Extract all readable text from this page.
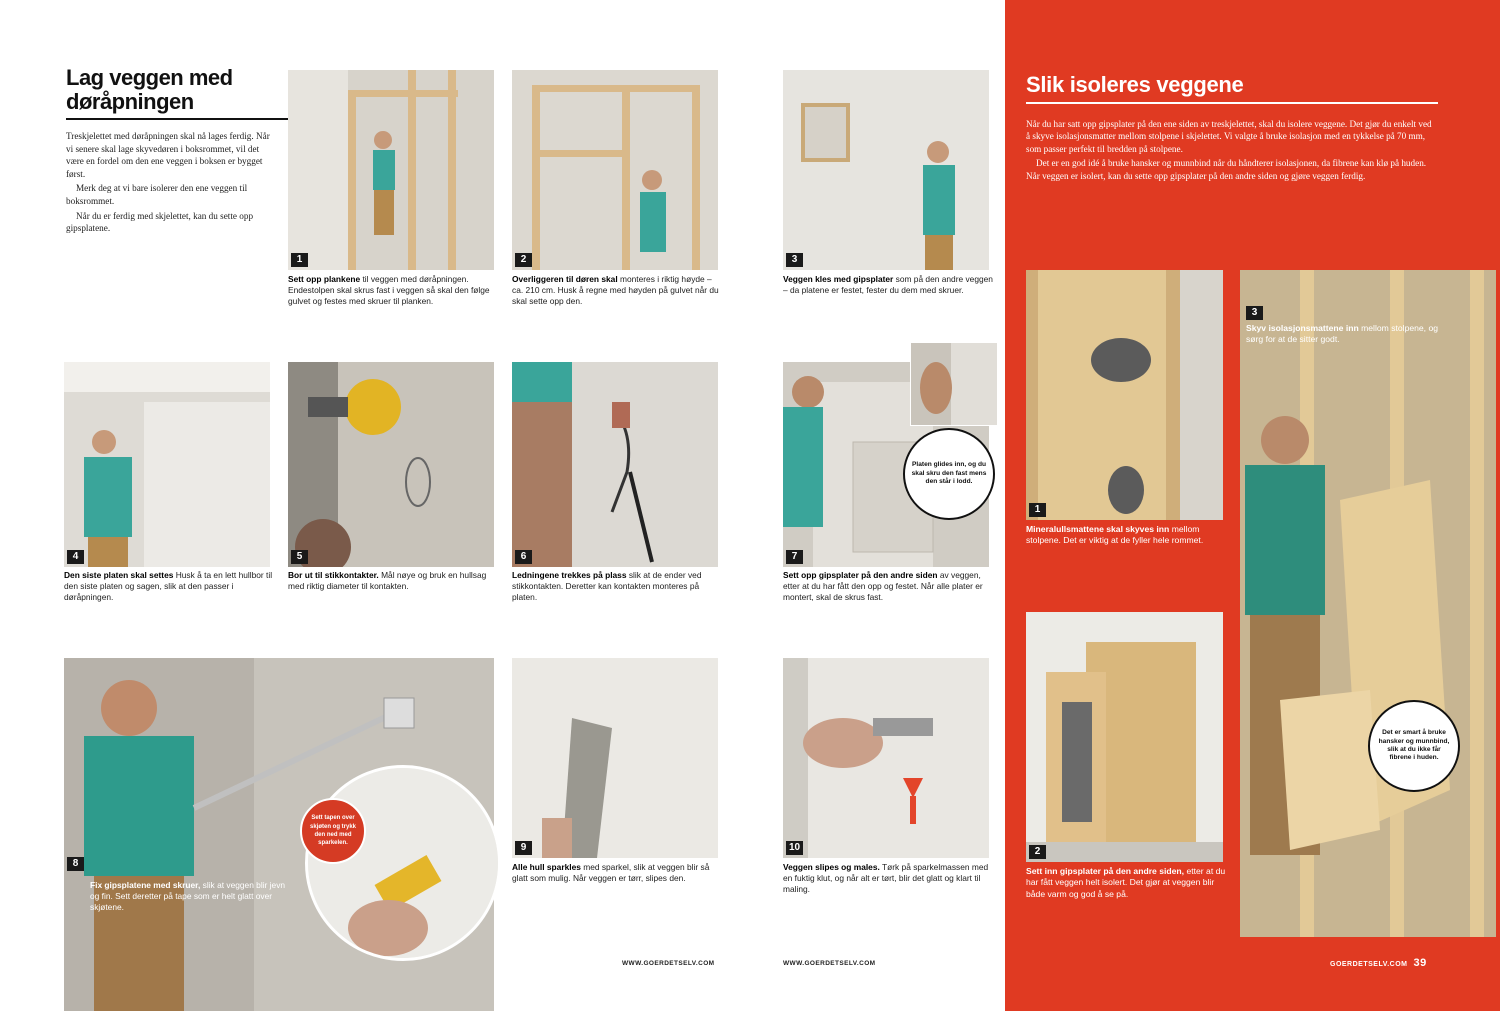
Lag veggen med døråpningen

Treskjelettet med døråpningen skal nå lages ferdig. Når vi senere skal lage skyvedøren i boksrommet, vil det være en fordel om den ene veggen i boksen er bygget først.

Merk deg at vi bare isolerer den ene veggen til boksrommet.

Når du er ferdig med skjelettet, kan du sette opp gipsplatene.

1	2	3
Sett opp plankene til veggen med døråpningen. Endestolpen skal skrus fast i veggen så skal den følge gulvet og festes med skruer til planken.
Overliggeren til døren skal monteres i riktig høyde – ca. 210 cm. Husk å regne med høyden på gulvet når du skal sette opp den.
Veggen kles med gipsplater som på den andre veggen – da platene er festet, fester du dem med skruer.
4	5	6	7
Platen glides inn, og du skal skru den fast mens den står i lodd.
Den siste platen skal settes Husk å ta en lett hullbor til den siste platen og sagen, slik at den passer i døråpningen.
Bor ut til stikkontakter. Mål nøye og bruk en hullsag med riktig diameter til kontakten.
Ledningene trekkes på plass slik at de ender ved stikkontakten. Deretter kan kontakten monteres på platen.
Sett opp gipsplater på den andre siden av veggen, etter at du har fått den opp og festet. Når alle plater er montert, skal de skrus fast.
8
Sett tapen over skjøten og trykk den ned med sparkelen.
Fix gipsplatene med skruer, slik at veggen blir jevn og fin. Sett deretter på tape som er helt glatt over skjøtene.
9
Alle hull sparkles med sparkel, slik at veggen blir så glatt som mulig. Når veggen er tørr, slipes den.
10
Veggen slipes og males. Tørk på sparkelmassen med en fuktig klut, og når alt er tørt, blir det glatt og klart til maling.
WWW.GOERDETSELV.COM	WWW.GOERDETSELV.COM
Slik isoleres veggene

Når du har satt opp gipsplater på den ene siden av treskjelettet, skal du isolere veggene. Det gjør du enkelt ved å skyve isolasjonsmatter mellom stolpene i skjelettet. Vi valgte å bruke isolasjon med en tykkelse på 70 mm, som passer perfekt til bredden på stolpene.

Det er en god idé å bruke hansker og munnbind når du håndterer isolasjonen, da fibrene kan klø på huden. Når veggen er isolert, kan du sette opp gipsplater på den andre siden og gjøre veggen ferdig.

1
Mineralullsmattene skal skyves inn mellom stolpene. Det er viktig at de fyller hele rommet.
2
Sett inn gipsplater på den andre siden, etter at du har fått veggen helt isolert. Det gjør at veggen blir både varm og god å se på.
3
Skyv isolasjonsmattene inn mellom stolpene, og sørg for at de sitter godt.
Det er smart å bruke hansker og munnbind, slik at du ikke får fibrene i huden.
GOERDETSELV.COM 39
